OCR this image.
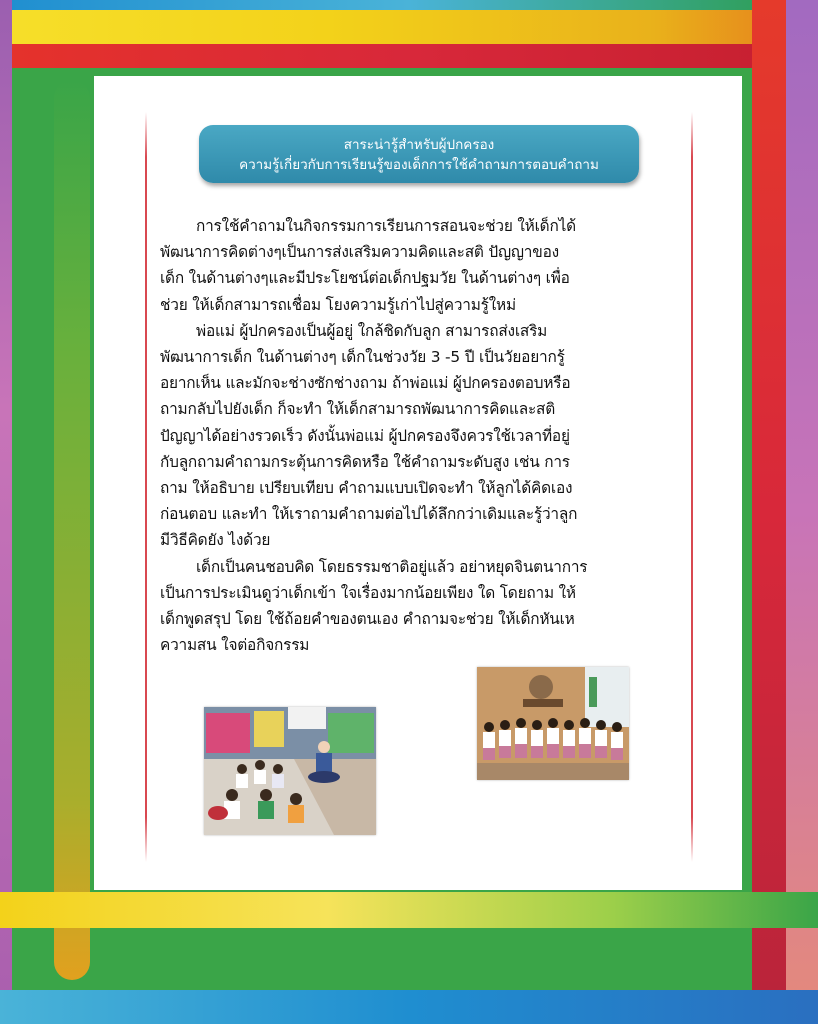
สาระน่ารู้สำหรับผู้ปกครอง
ความรู้เกี่ยวกับการเรียนรู้ของเด็กการใช้คำถามการตอบคำถาม
การใช้คำถามในกิจกรรมการเรียนการสอนจะช่วย ให้เด็กได้
พัฒนาการคิดต่างๆเป็นการส่งเสริมความคิดและสติ ปัญญาของ
เด็ก ในด้านต่างๆและมีประโยชน์ต่อเด็กปฐมวัย ในด้านต่างๆ เพื่อ
ช่วย ให้เด็กสามารถเชื่อม โยงความรู้เก่าไปสู่ความรู้ใหม่
พ่อแม่ ผู้ปกครองเป็นผู้อยู่ ใกล้ชิดกับลูก สามารถส่งเสริม
พัฒนาการเด็ก ในด้านต่างๆ เด็กในช่วงวัย 3 -5 ปี เป็นวัยอยากรู้
อยากเห็น และมักจะช่างซักช่างถาม ถ้าพ่อแม่ ผู้ปกครองตอบหรือ
ถามกลับไปยังเด็ก ก็จะทำ ให้เด็กสามารถพัฒนาการคิดและสติ
ปัญญาได้อย่างรวดเร็ว ดังนั้นพ่อแม่ ผู้ปกครองจึงควรใช้เวลาที่อยู่
กับลูกถามคำถามกระตุ้นการคิดหรือ ใช้คำถามระดับสูง เช่น การ
ถาม ให้อธิบาย เปรียบเทียบ คำถามแบบเปิดจะทำ ให้ลูกได้คิดเอง
ก่อนตอบ และทำ ให้เราถามคำถามต่อไปได้ลึกกว่าเดิมและรู้ว่าลูก
มีวิธีคิดยัง ไงด้วย
เด็กเป็นคนชอบคิด โดยธรรมชาติอยู่แล้ว อย่าหยุดจินตนาการ
เป็นการประเมินดูว่าเด็กเข้า ใจเรื่องมากน้อยเพียง ใด โดยถาม ให้
เด็กพูดสรุป โดย ใช้ถ้อยคำของตนเอง คำถามจะช่วย ให้เด็กหันเห
ความสน ใจต่อกิจกรรม
